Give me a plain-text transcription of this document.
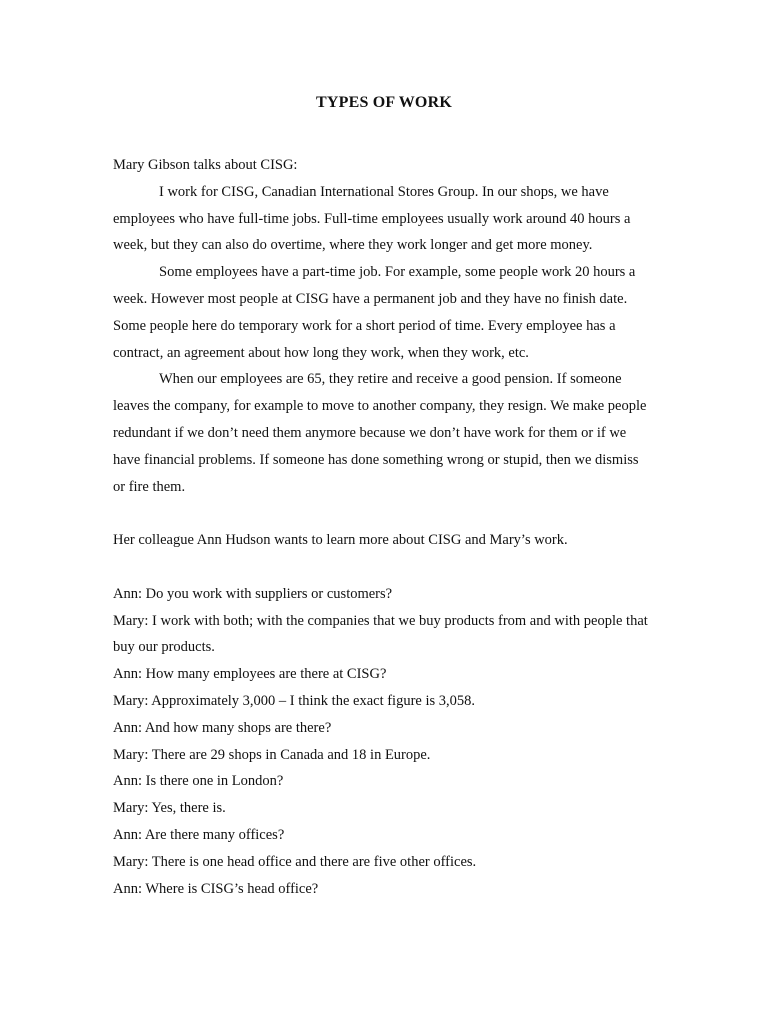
TYPES OF WORK

Mary Gibson talks about CISG:

I work for CISG, Canadian International Stores Group. In our shops, we have employees who have full-time jobs. Full-time employees usually work around 40 hours a week, but they can also do overtime, where they work longer and get more money.

Some employees have a part-time job. For example, some people work 20 hours a week. However most people at CISG have a permanent job and they have no finish date. Some people here do temporary work for a short period of time. Every employee has a contract, an agreement about how long they work, when they work, etc.

When our employees are 65, they retire and receive a good pension. If someone leaves the company, for example to move to another company, they resign. We make people redundant if we don’t need them anymore because we don’t have work for them or if we have financial problems. If someone has done something wrong or stupid, then we dismiss or fire them.

Her colleague Ann Hudson wants to learn more about CISG and Mary’s work.

Ann: Do you work with suppliers or customers?

Mary: I work with both; with the companies that we buy products from and with people that buy our products.

Ann: How many employees are there at CISG?

Mary: Approximately 3,000 – I think the exact figure is 3,058.

Ann: And how many shops are there?

Mary: There are 29 shops in Canada and 18 in Europe.

Ann: Is there one in London?

Mary: Yes, there is.

Ann: Are there many offices?

Mary: There is one head office and there are five other offices.

Ann: Where is CISG’s head office?
